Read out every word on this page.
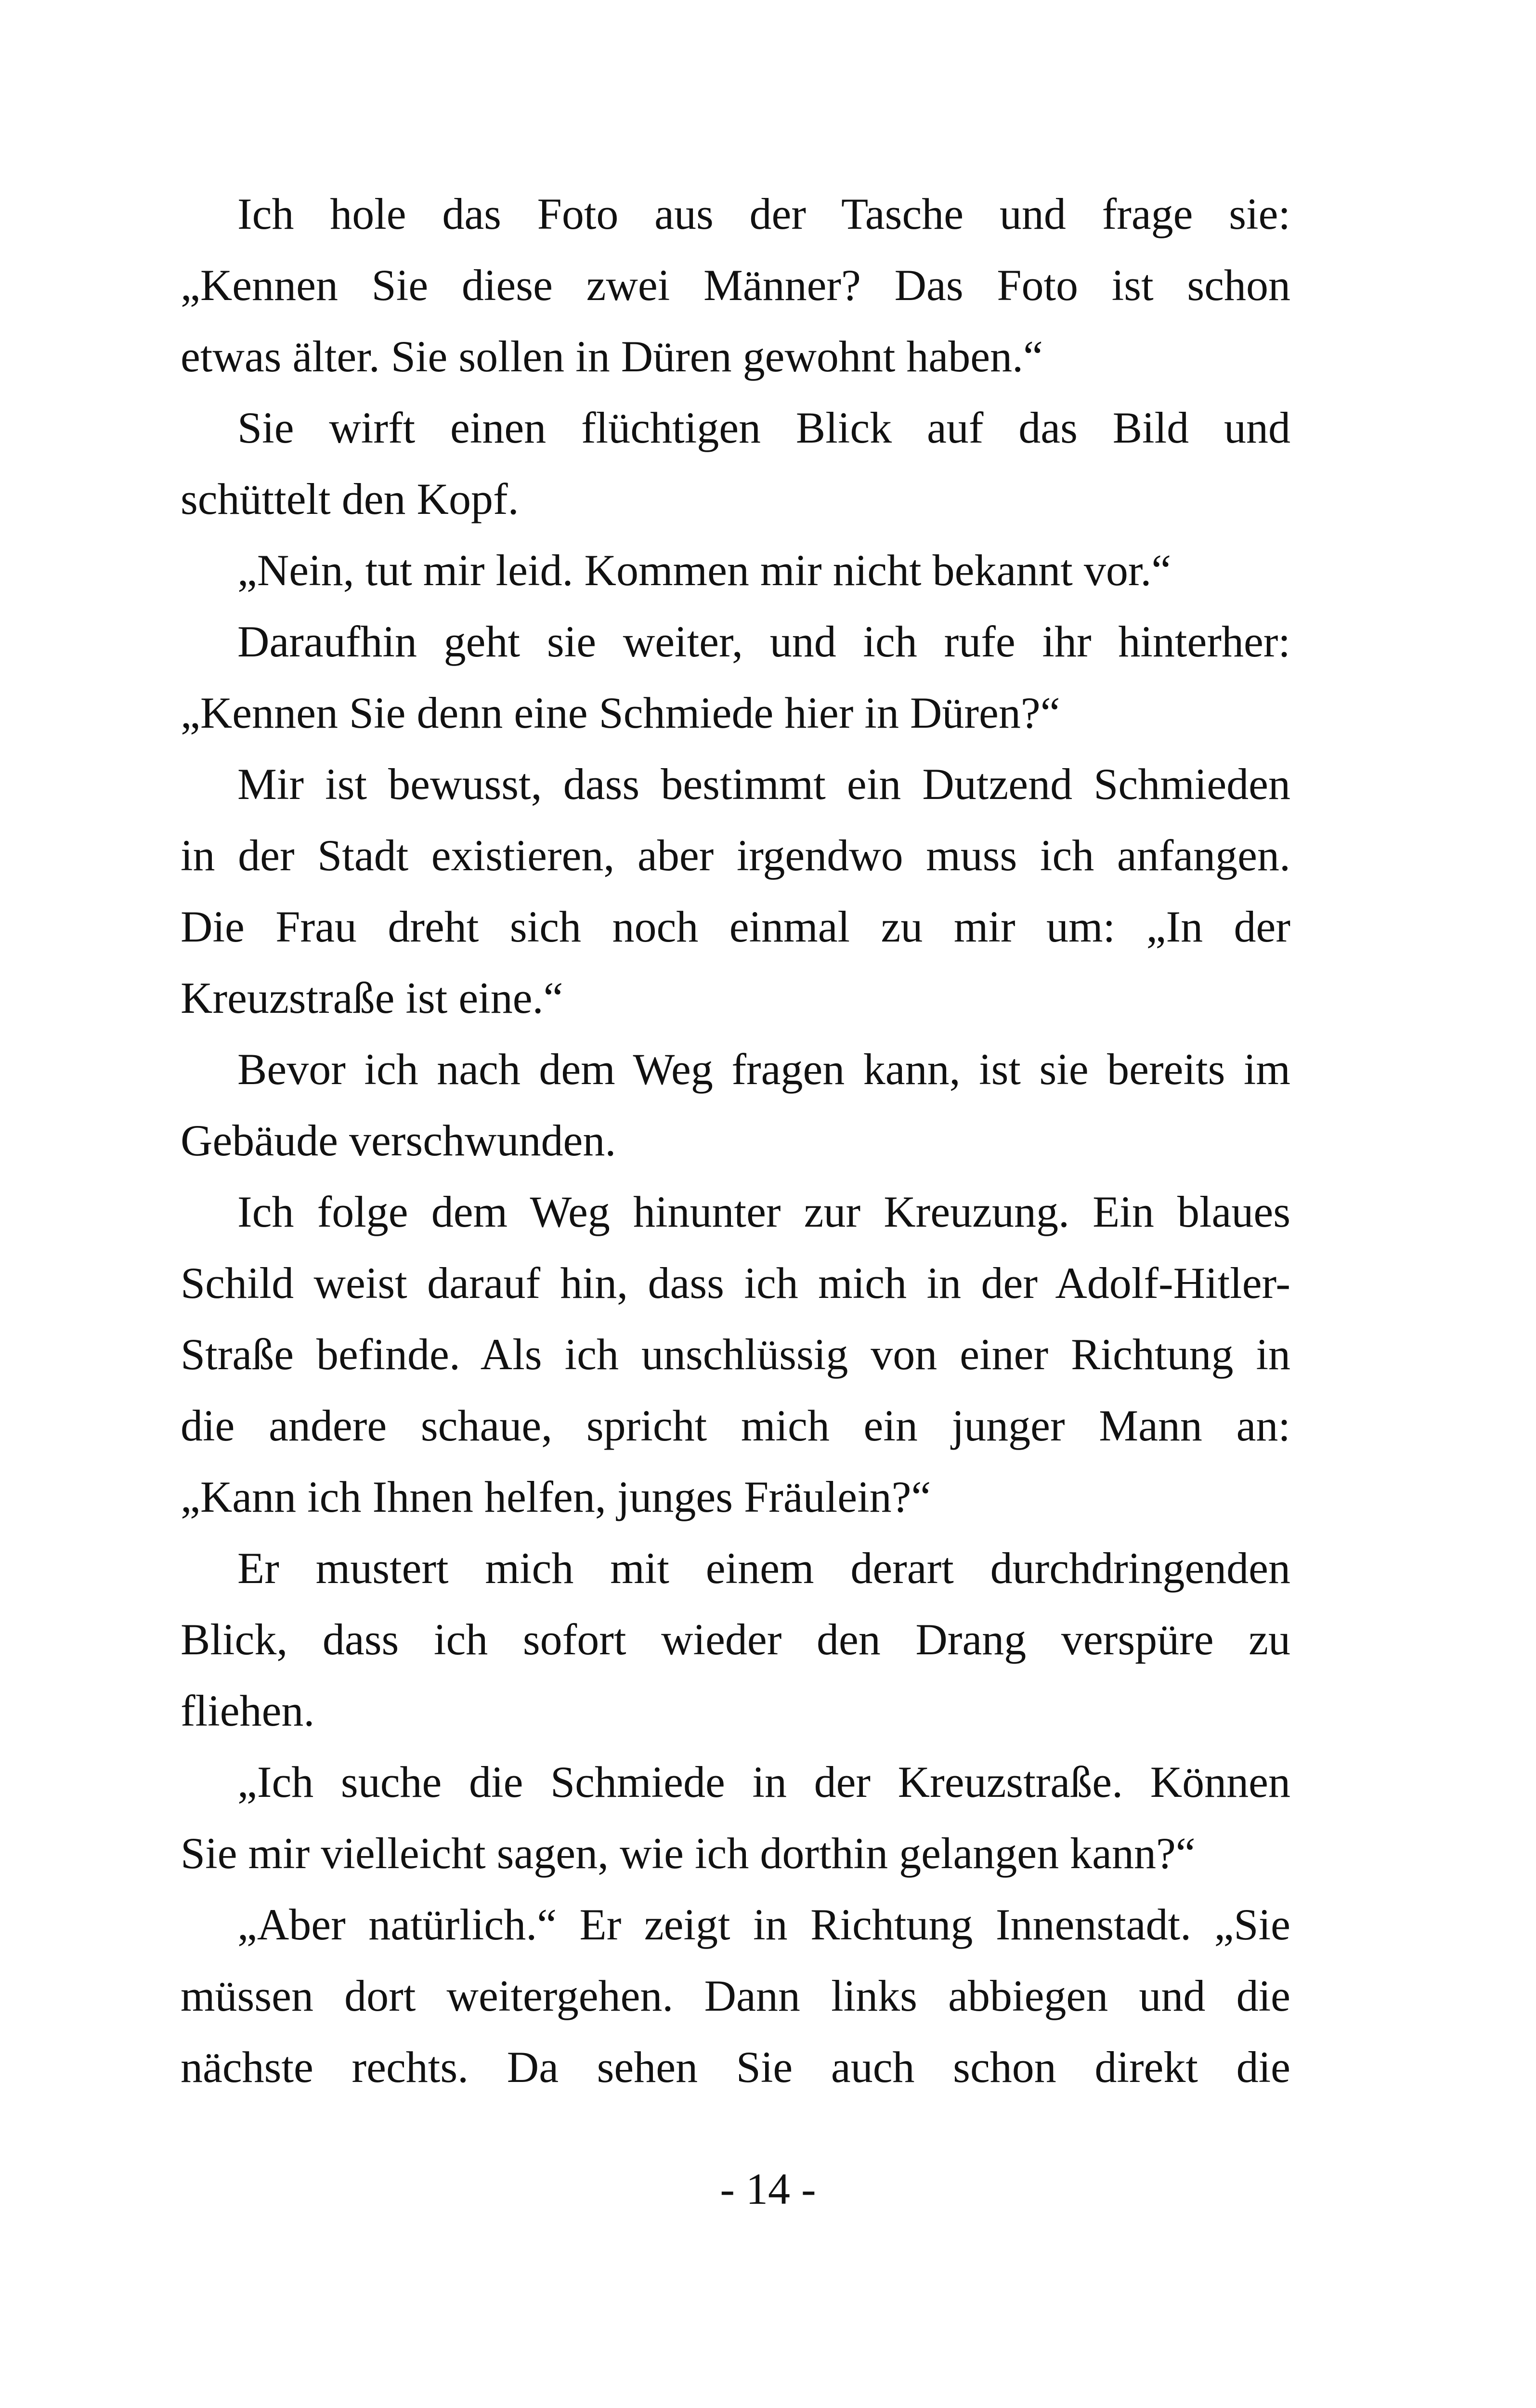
Ich hole das Foto aus der Tasche und frage sie:
„Kennen Sie diese zwei Männer? Das Foto ist schon
etwas älter. Sie sollen in Düren gewohnt haben.“
Sie wirft einen flüchtigen Blick auf das Bild und
schüttelt den Kopf.
„Nein, tut mir leid. Kommen mir nicht bekannt vor.“
Daraufhin geht sie weiter, und ich rufe ihr hinterher:
„Kennen Sie denn eine Schmiede hier in Düren?“
Mir ist bewusst, dass bestimmt ein Dutzend Schmieden
in der Stadt existieren, aber irgendwo muss ich anfangen.
Die Frau dreht sich noch einmal zu mir um: „In der
Kreuzstraße ist eine.“
Bevor ich nach dem Weg fragen kann, ist sie bereits im
Gebäude verschwunden.
Ich folge dem Weg hinunter zur Kreuzung. Ein blaues
Schild weist darauf hin, dass ich mich in der Adolf-Hitler-
Straße befinde. Als ich unschlüssig von einer Richtung in
die andere schaue, spricht mich ein junger Mann an:
„Kann ich Ihnen helfen, junges Fräulein?“
Er mustert mich mit einem derart durchdringenden
Blick, dass ich sofort wieder den Drang verspüre zu
fliehen.
„Ich suche die Schmiede in der Kreuzstraße. Können
Sie mir vielleicht sagen, wie ich dorthin gelangen kann?“
„Aber natürlich.“ Er zeigt in Richtung Innenstadt. „Sie
müssen dort weitergehen. Dann links abbiegen und die
nächste rechts. Da sehen Sie auch schon direkt die
- 14 -
